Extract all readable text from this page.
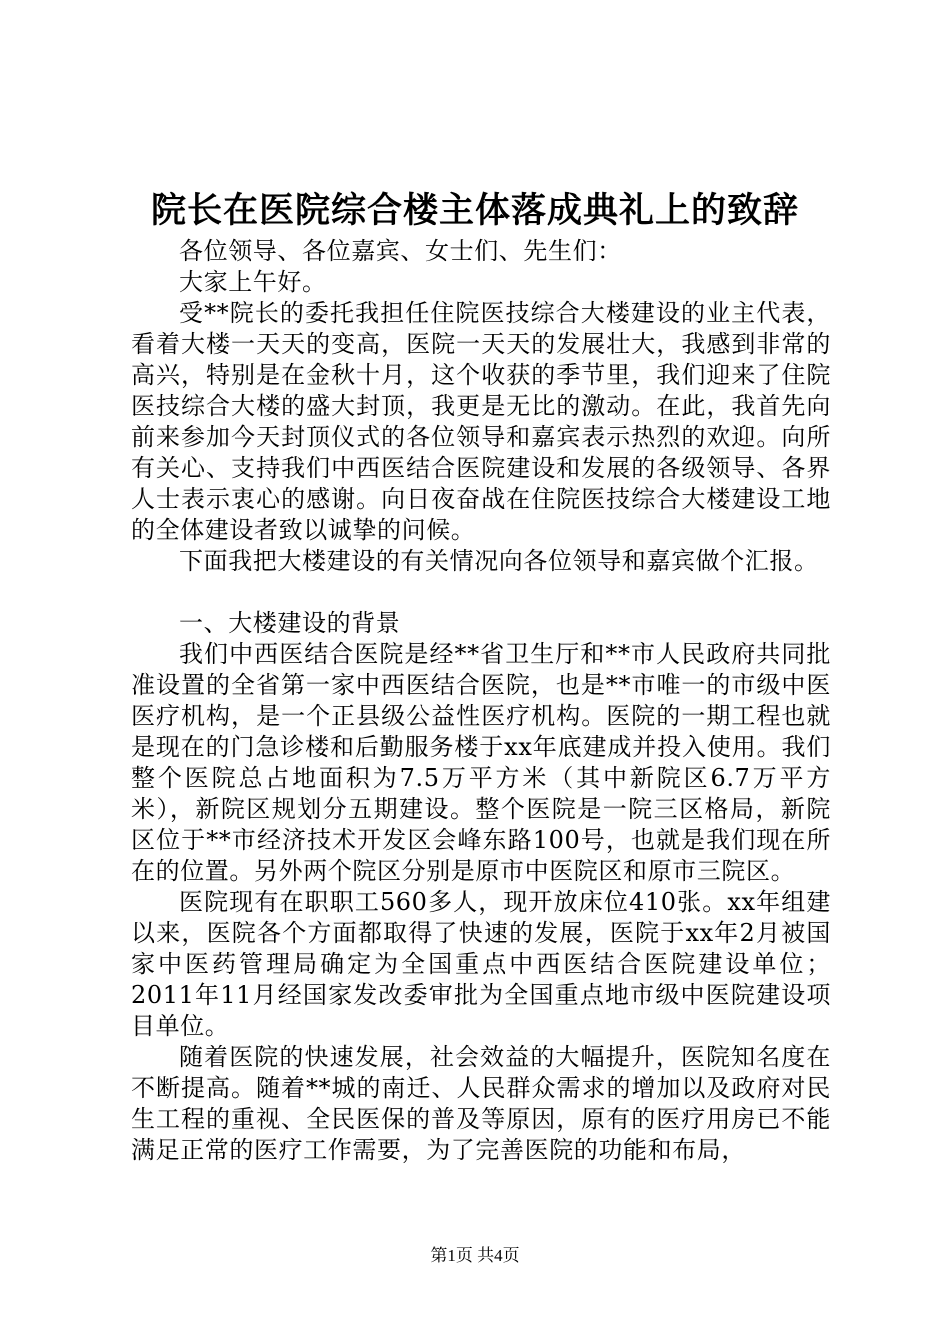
院长在医院综合楼主体落成典礼上的致辞

各位领导、各位嘉宾、女士们、先生们：

大家上午好。

受**院长的委托我担任住院医技综合大楼建设的业主代表，看着大楼一天天的变高，医院一天天的发展壮大，我感到非常的高兴，特别是在金秋十月，这个收获的季节里，我们迎来了住院医技综合大楼的盛大封顶，我更是无比的激动。在此，我首先向前来参加今天封顶仪式的各位领导和嘉宾表示热烈的欢迎。向所有关心、支持我们中西医结合医院建设和发展的各级领导、各界人士表示衷心的感谢。向日夜奋战在住院医技综合大楼建设工地的全体建设者致以诚挚的问候。

下面我把大楼建设的有关情况向各位领导和嘉宾做个汇报。

一、大楼建设的背景

我们中西医结合医院是经**省卫生厅和**市人民政府共同批准设置的全省第一家中西医结合医院，也是**市唯一的市级中医医疗机构，是一个正县级公益性医疗机构。医院的一期工程也就是现在的门急诊楼和后勤服务楼于xx年底建成并投入使用。我们整个医院总占地面积为7.5万平方米（其中新院区6.7万平方米），新院区规划分五期建设。整个医院是一院三区格局，新院区位于**市经济技术开发区会峰东路100号，也就是我们现在所在的位置。另外两个院区分别是原市中医院区和原市三院区。

医院现有在职职工560多人，现开放床位410张。xx年组建以来，医院各个方面都取得了快速的发展，医院于xx年2月被国家中医药管理局确定为全国重点中西医结合医院建设单位；2011年11月经国家发改委审批为全国重点地市级中医院建设项目单位。

随着医院的快速发展，社会效益的大幅提升，医院知名度在不断提高。随着**城的南迁、人民群众需求的增加以及政府对民生工程的重视、全民医保的普及等原因，原有的医疗用房已不能满足正常的医疗工作需要，为了完善医院的功能和布局，

第1页 共4页
